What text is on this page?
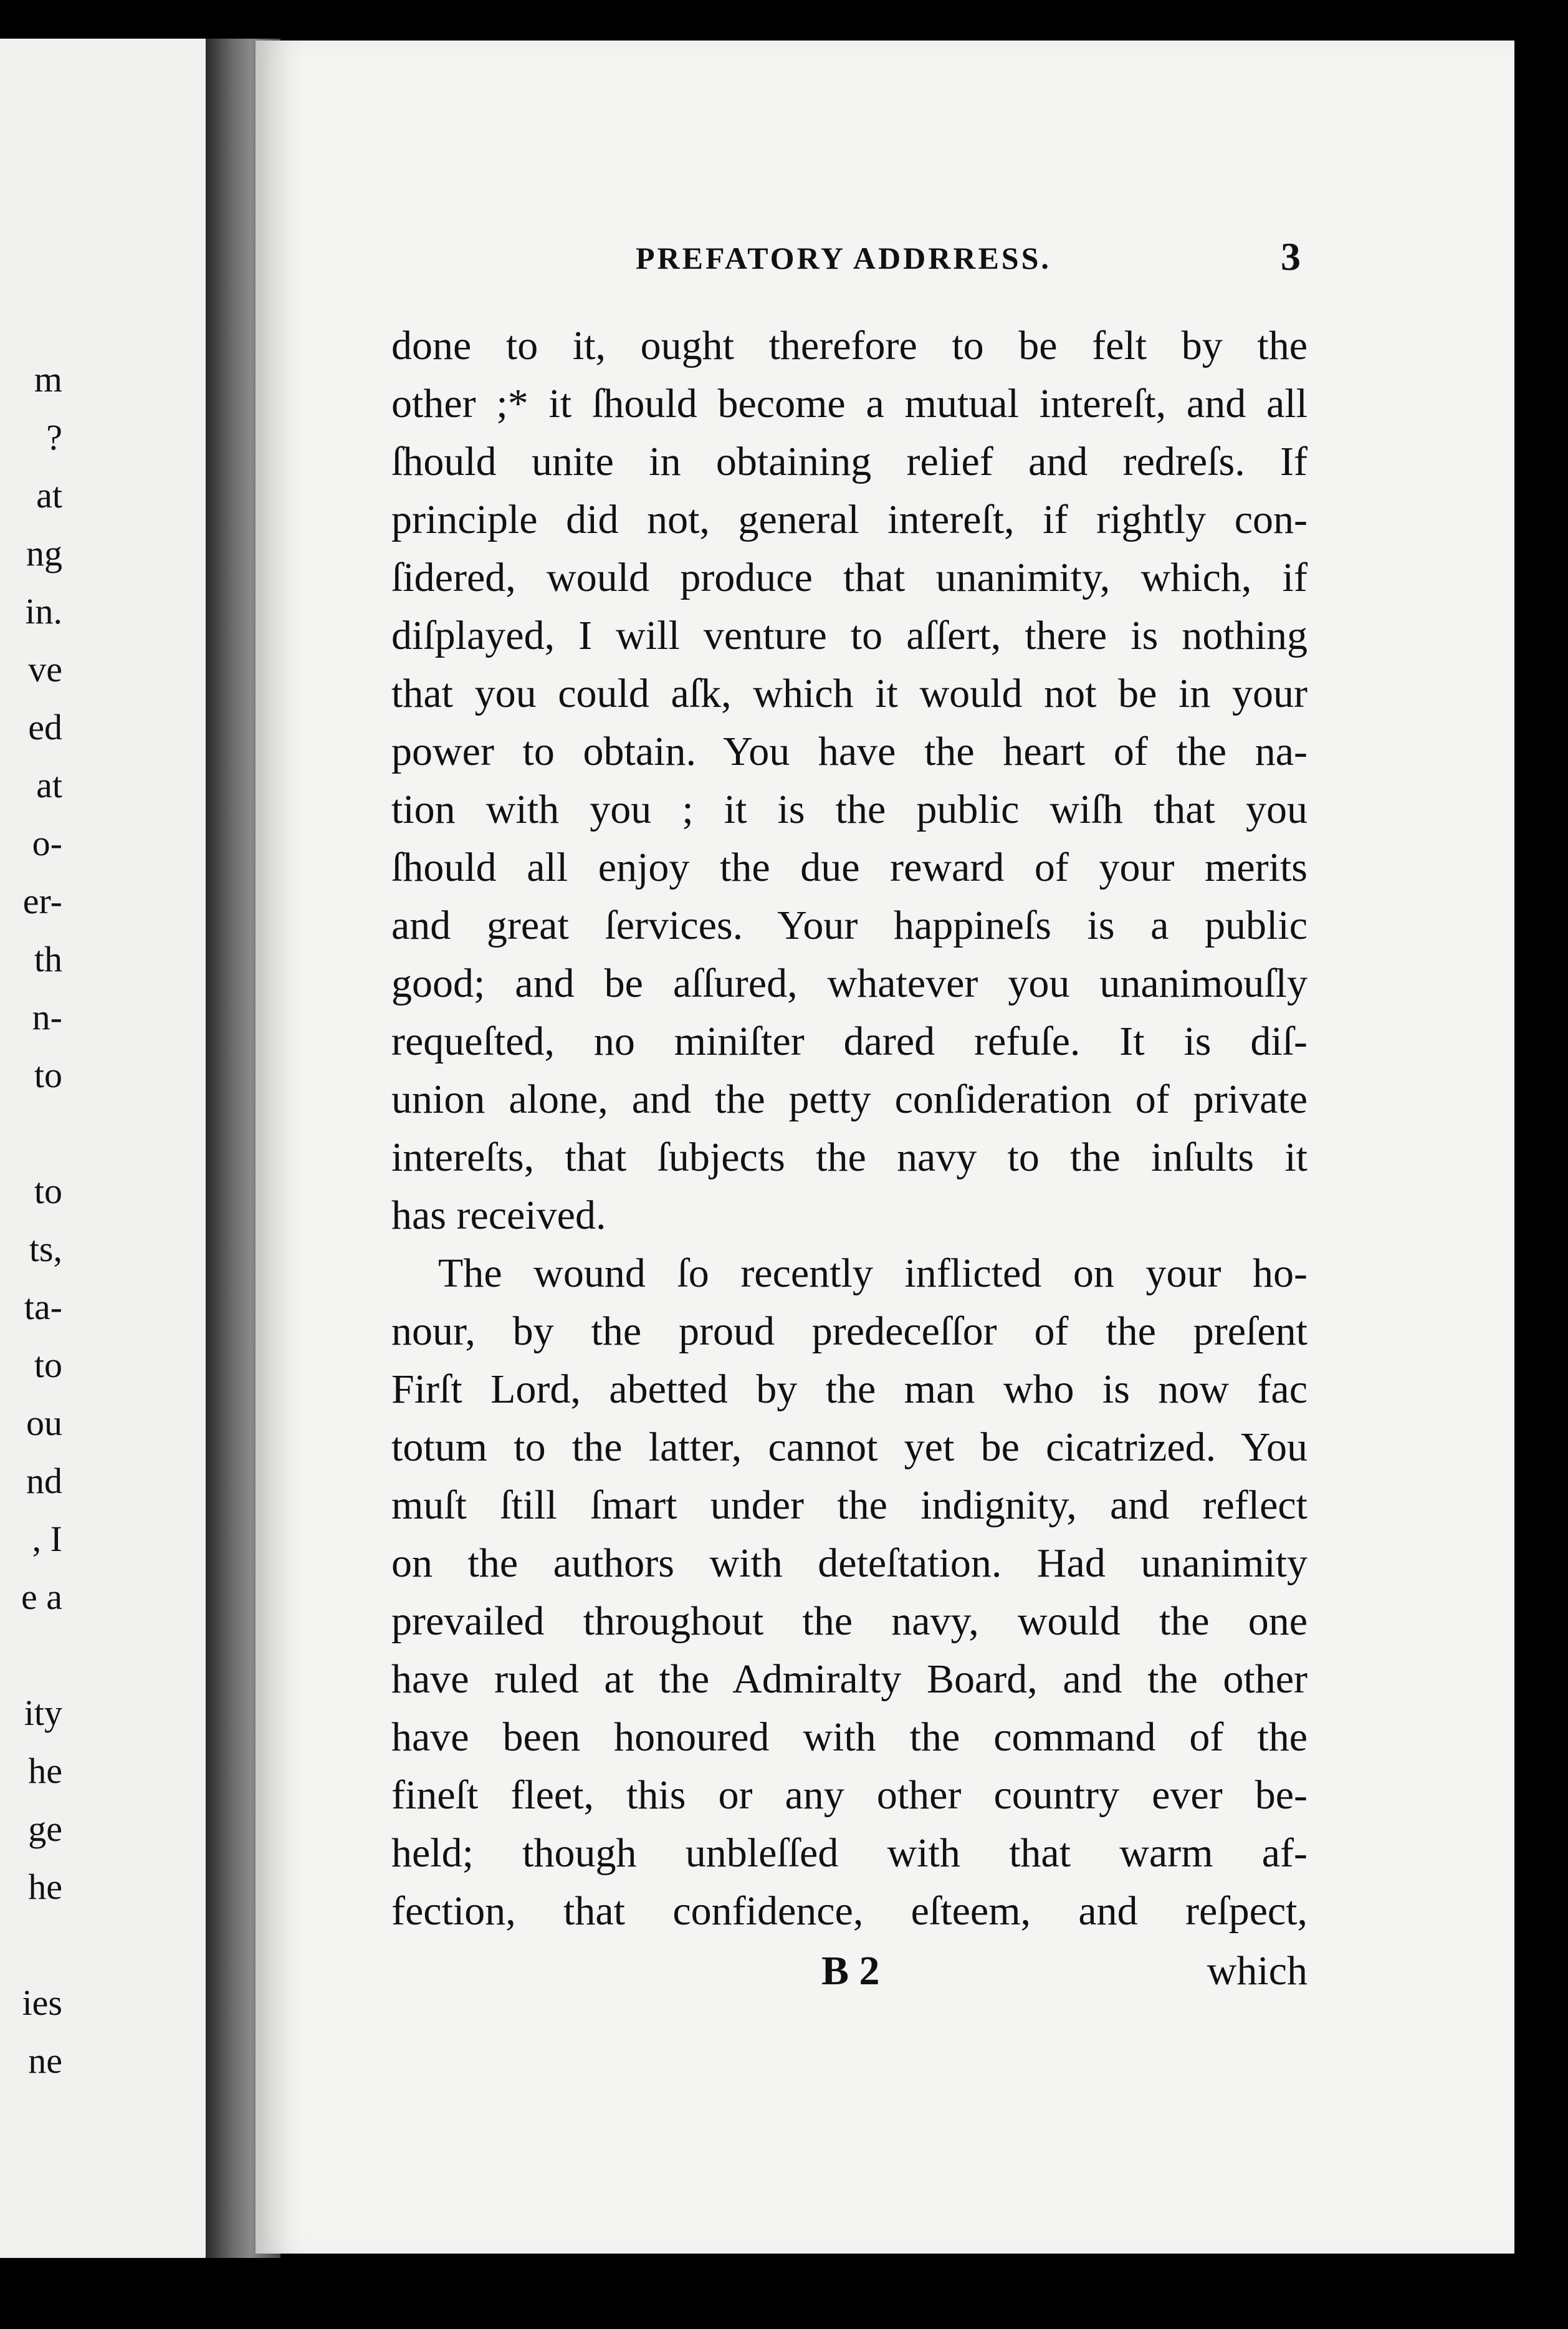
m
?
at
ng
in.
ve
ed
at
o-
er-
th
n-
to
to
ts,
ta-
to
ou
nd
, I
e a
ity
he
ge
he
ies
ne
PREFATORY ADDRRESS.	3
done to it, ought therefore to be felt by the
other ;* it ſhould become a mutual intereſt, and all
ſhould unite in obtaining relief and redreſs. If
principle did not, general intereſt, if rightly con-
ſidered, would produce that unanimity, which, if
diſplayed, I will venture to aſſert, there is nothing
that you could aſk, which it would not be in your
power to obtain. You have the heart of the na-
tion with you ; it is the public wiſh that you
ſhould all enjoy the due reward of your merits
and great ſervices. Your happineſs is a public
good; and be aſſured, whatever you unanimouſly
requeſted, no miniſter dared refuſe. It is diſ-
union alone, and the petty conſideration of private
intereſts, that ſubjects the navy to the inſults it
has received.
The wound ſo recently inflicted on your ho-
nour, by the proud predeceſſor of the preſent
Firſt Lord, abetted by the man who is now fac
totum to the latter, cannot yet be cicatrized. You
muſt ſtill ſmart under the indignity, and reflect
on the authors with deteſtation. Had unanimity
prevailed throughout the navy, would the one
have ruled at the Admiralty Board, and the other
have been honoured with the command of the
fineſt fleet, this or any other country ever be-
held; though unbleſſed with that warm af-
fection, that confidence, eſteem, and reſpect,
B 2	which
